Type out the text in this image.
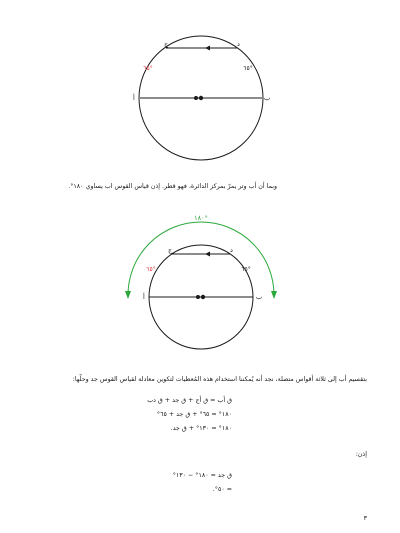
ج	د
أ	ب
٦٥°	٦٥°
وبما أن أب وتر يمرّ بمركز الدائرة، فهو قطر. إذن قياس القوس اب يساوي ١٨٠°.
١٨٠°
ج	د
أ	ب
٦٥°	٦٥°
بتقسيم أب إلى ثلاثة أقواس متصلة، نجد أنه يُمكننا استخدام هذه المُعطيات لتكوين معادلة لقياس القوس جد وحلّها:
ق أب = ق أج + ق جد + ق دب
١٨٠° = ٦٥° + ق جد + ٦٥°
١٨٠° = ١٣٠° + ق جد.
إذن:
ق جد = ١٨٠° − ١٣٠°
= ٥٠°.
٣
